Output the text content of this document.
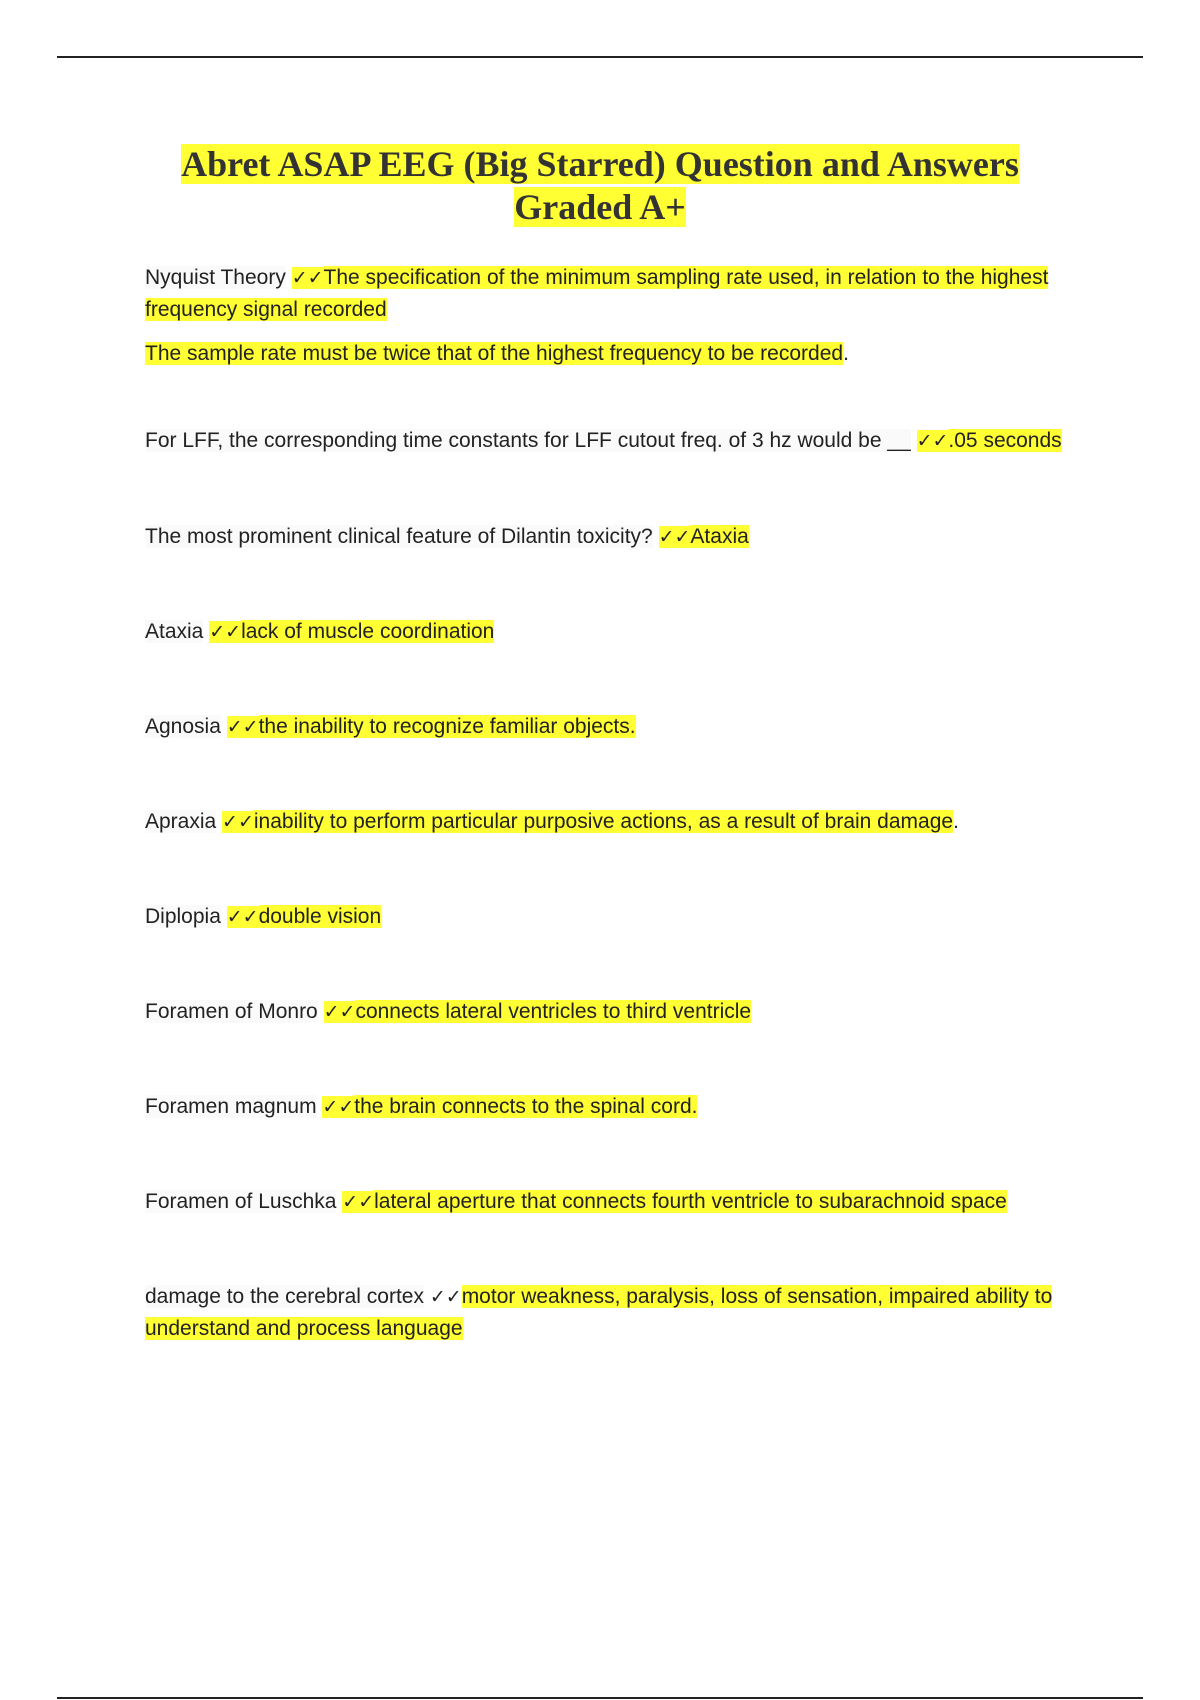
Abret ASAP EEG (Big Starred) Question and Answers
Graded A+

Nyquist Theory ✓✓The specification of the minimum sampling rate used, in relation to the highest frequency signal recorded

The sample rate must be twice that of the highest frequency to be recorded.

For LFF, the corresponding time constants for LFF cutout freq. of 3 hz would be __ ✓✓.05 seconds

The most prominent clinical feature of Dilantin toxicity? ✓✓Ataxia

Ataxia ✓✓lack of muscle coordination

Agnosia ✓✓the inability to recognize familiar objects.

Apraxia ✓✓inability to perform particular purposive actions, as a result of brain damage.

Diplopia ✓✓double vision

Foramen of Monro ✓✓connects lateral ventricles to third ventricle

Foramen magnum ✓✓the brain connects to the spinal cord.

Foramen of Luschka ✓✓lateral aperture that connects fourth ventricle to subarachnoid space

damage to the cerebral cortex ✓✓motor weakness, paralysis, loss of sensation, impaired ability to understand and process language
